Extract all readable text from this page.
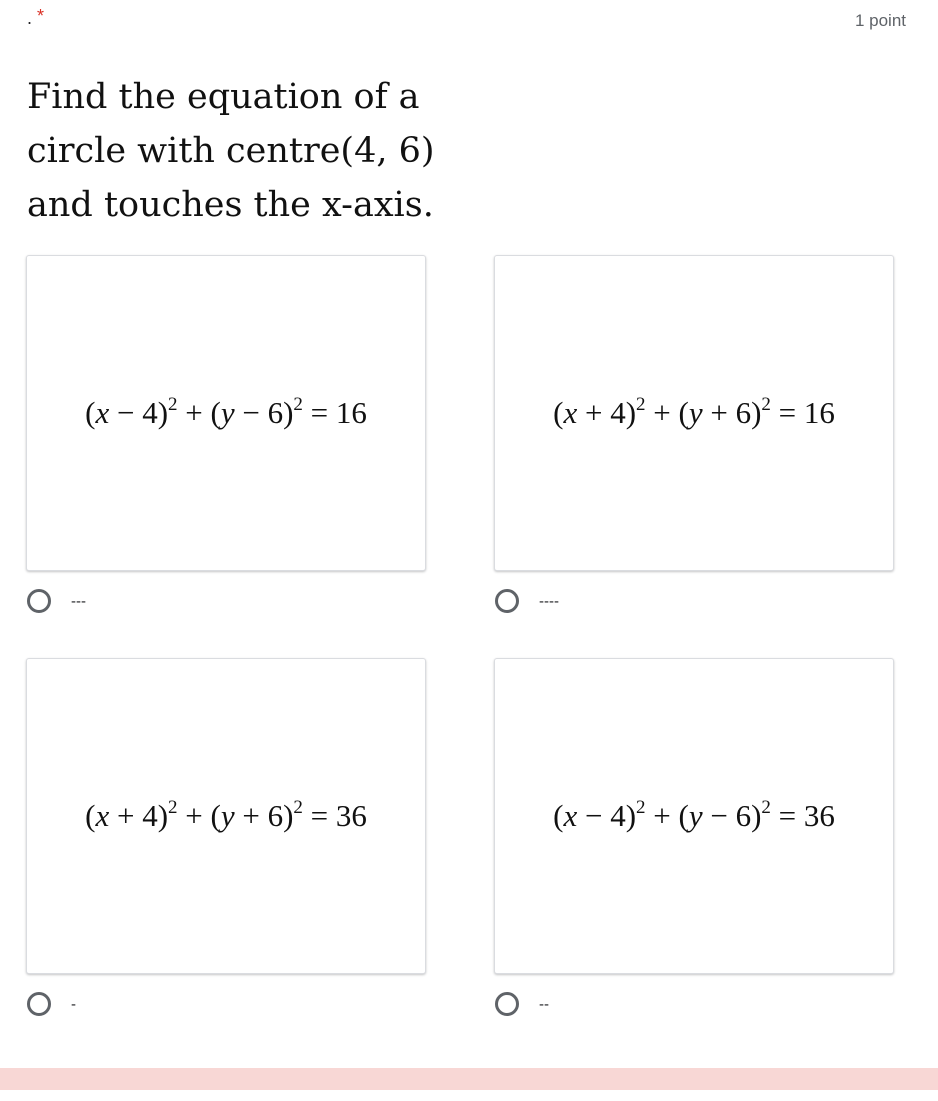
. *	1 point
Find the equation of a
circle with centre(4, 6)
and touches the x-axis.
$(x - 4)^2 + (y - 6)^2 = 16$
---
$(x + 4)^2 + (y + 6)^2 = 16$
----
$(x + 4)^2 + (y + 6)^2 = 36$
-
$(x - 4)^2 + (y - 6)^2 = 36$
--
